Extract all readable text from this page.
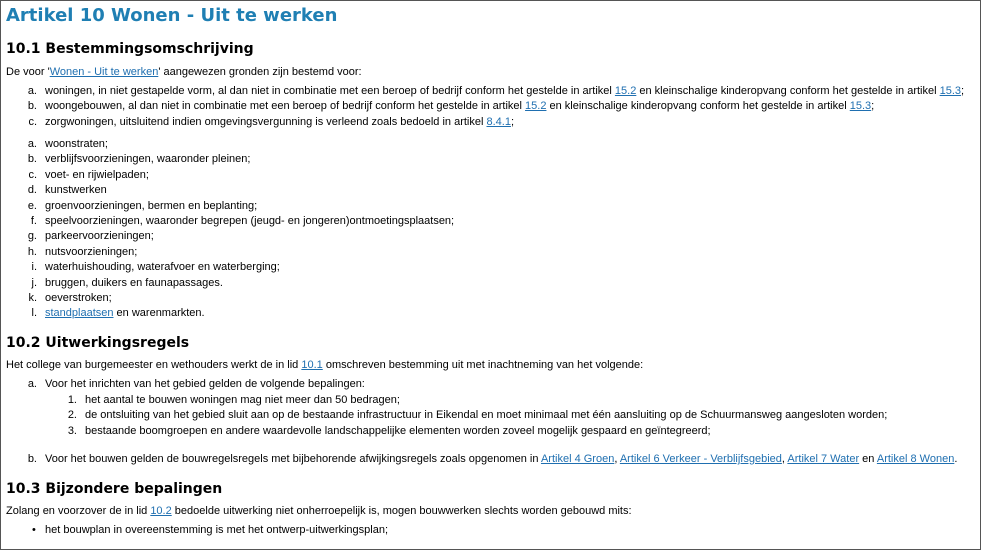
Artikel 10 Wonen - Uit te werken
10.1 Bestemmingsomschrijving

De voor 'Wonen - Uit te werken' aangewezen gronden zijn bestemd voor:

a. woningen, in niet gestapelde vorm, al dan niet in combinatie met een beroep of bedrijf conform het gestelde in artikel 15.2 en kleinschalige kinderopvang conform het gestelde in artikel 15.3;
b. woongebouwen, al dan niet in combinatie met een beroep of bedrijf conform het gestelde in artikel 15.2 en kleinschalige kinderopvang conform het gestelde in artikel 15.3;
c. zorgwoningen, uitsluitend indien omgevingsvergunning is verleend zoals bedoeld in artikel 8.4.1;
a. woonstraten;
b. verblijfsvoorzieningen, waaronder pleinen;
c. voet- en rijwielpaden;
d. kunstwerken
e. groenvoorzieningen, bermen en beplanting;
f. speelvoorzieningen, waaronder begrepen (jeugd- en jongeren)ontmoetingsplaatsen;
g. parkeervoorzieningen;
h. nutsvoorzieningen;
i. waterhuishouding, waterafvoer en waterberging;
j. bruggen, duikers en faunapassages.
k. oeverstroken;
l. standplaatsen en warenmarkten.
10.2 Uitwerkingsregels

Het college van burgemeester en wethouders werkt de in lid 10.1 omschreven bestemming uit met inachtneming van het volgende:

a. Voor het inrichten van het gebied gelden de volgende bepalingen:
1. het aantal te bouwen woningen mag niet meer dan 50 bedragen;
2. de ontsluiting van het gebied sluit aan op de bestaande infrastructuur in Eikendal en moet minimaal met één aansluiting op de Schuurmansweg aangesloten worden;
3. bestaande boomgroepen en andere waardevolle landschappelijke elementen worden zoveel mogelijk gespaard en geïntegreerd;
b. Voor het bouwen gelden de bouwregelsregels met bijbehorende afwijkingsregels zoals opgenomen in Artikel 4 Groen, Artikel 6 Verkeer - Verblijfsgebied, Artikel 7 Water en Artikel 8 Wonen.
10.3 Bijzondere bepalingen

Zolang en voorzover de in lid 10.2 bedoelde uitwerking niet onherroepelijk is, mogen bouwwerken slechts worden gebouwd mits:

• het bouwplan in overeenstemming is met het ontwerp-uitwerkingsplan;
